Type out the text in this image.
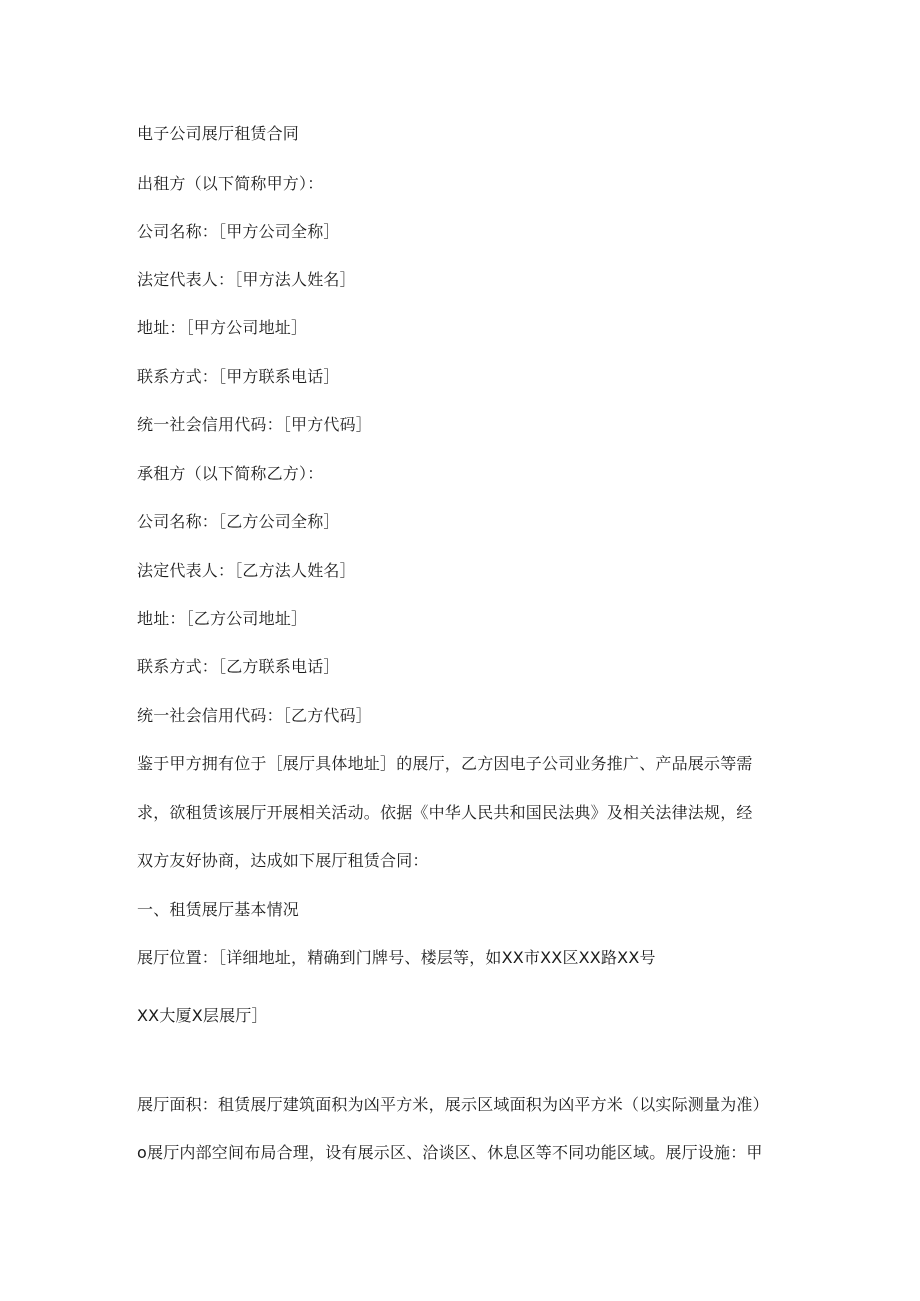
电子公司展厅租赁合同
出租方（以下简称甲方）：
公司名称：［甲方公司全称］
法定代表人：［甲方法人姓名］
地址：［甲方公司地址］
联系方式：［甲方联系电话］
统一社会信用代码：［甲方代码］
承租方（以下简称乙方）：
公司名称：［乙方公司全称］
法定代表人：［乙方法人姓名］
地址：［乙方公司地址］
联系方式：［乙方联系电话］
统一社会信用代码：［乙方代码］
鉴于甲方拥有位于［展厅具体地址］的展厅，乙方因电子公司业务推广、产品展示等需
求，欲租赁该展厅开展相关活动。依据《中华人民共和国民法典》及相关法律法规，经
双方友好协商，达成如下展厅租赁合同：
一、租赁展厅基本情况
展厅位置：［详细地址，精确到门牌号、楼层等，如XX市XX区XX路XX号
XX大厦X层展厅］
展厅面积：租赁展厅建筑面积为凶平方米，展示区域面积为凶平方米（以实际测量为准）
o展厅内部空间布局合理，设有展示区、洽谈区、休息区等不同功能区域。展厅设施：甲
